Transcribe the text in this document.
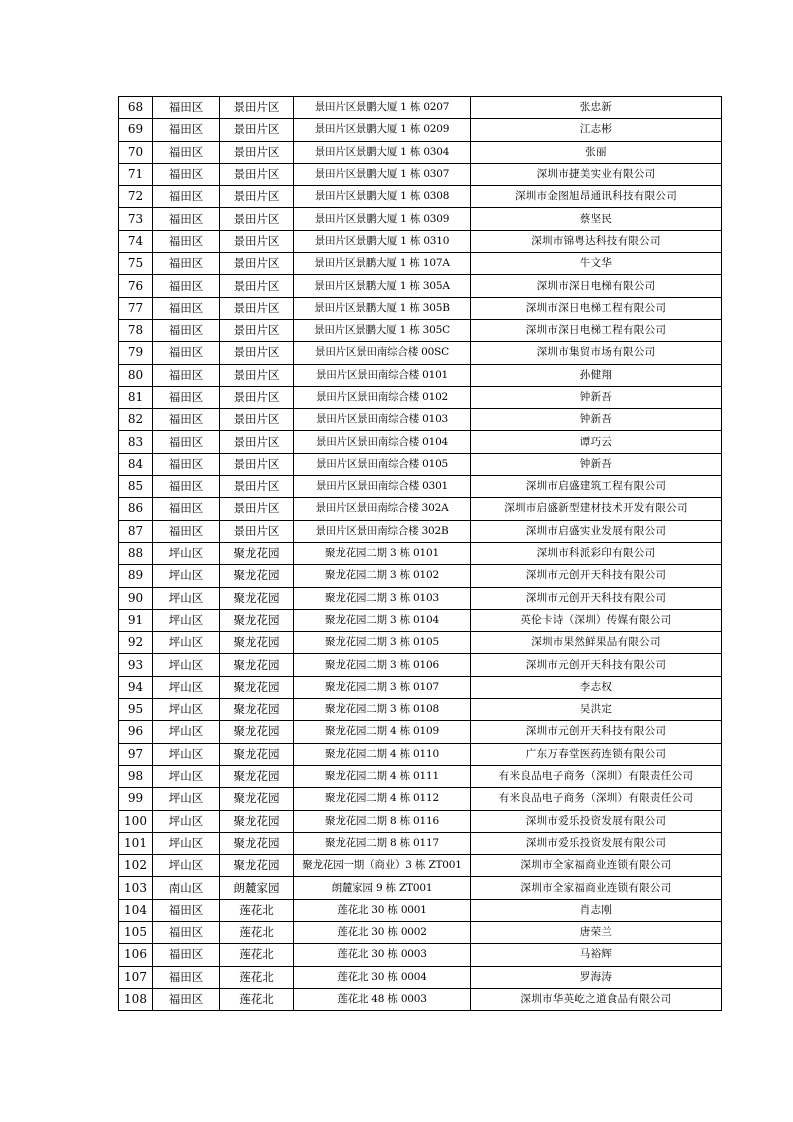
68	福田区	景田片区	景田片区景鹏大厦 1 栋 0207	张忠新
69	福田区	景田片区	景田片区景鹏大厦 1 栋 0209	江志彬
70	福田区	景田片区	景田片区景鹏大厦 1 栋 0304	张丽
71	福田区	景田片区	景田片区景鹏大厦 1 栋 0307	深圳市捷美实业有限公司
72	福田区	景田片区	景田片区景鹏大厦 1 栋 0308	深圳市金图旭昂通讯科技有限公司
73	福田区	景田片区	景田片区景鹏大厦 1 栋 0309	蔡坚民
74	福田区	景田片区	景田片区景鹏大厦 1 栋 0310	深圳市锦粤达科技有限公司
75	福田区	景田片区	景田片区景鹏大厦 1 栋 107A	牛文华
76	福田区	景田片区	景田片区景鹏大厦 1 栋 305A	深圳市深日电梯有限公司
77	福田区	景田片区	景田片区景鹏大厦 1 栋 305B	深圳市深日电梯工程有限公司
78	福田区	景田片区	景田片区景鹏大厦 1 栋 305C	深圳市深日电梯工程有限公司
79	福田区	景田片区	景田片区景田南综合楼 00SC	深圳市集贸市场有限公司
80	福田区	景田片区	景田片区景田南综合楼 0101	孙健翔
81	福田区	景田片区	景田片区景田南综合楼 0102	钟新吾
82	福田区	景田片区	景田片区景田南综合楼 0103	钟新吾
83	福田区	景田片区	景田片区景田南综合楼 0104	谭巧云
84	福田区	景田片区	景田片区景田南综合楼 0105	钟新吾
85	福田区	景田片区	景田片区景田南综合楼 0301	深圳市启盛建筑工程有限公司
86	福田区	景田片区	景田片区景田南综合楼 302A	深圳市启盛新型建材技术开发有限公司
87	福田区	景田片区	景田片区景田南综合楼 302B	深圳市启盛实业发展有限公司
88	坪山区	聚龙花园	聚龙花园二期 3 栋 0101	深圳市科派彩印有限公司
89	坪山区	聚龙花园	聚龙花园二期 3 栋 0102	深圳市元创开天科技有限公司
90	坪山区	聚龙花园	聚龙花园二期 3 栋 0103	深圳市元创开天科技有限公司
91	坪山区	聚龙花园	聚龙花园二期 3 栋 0104	英伦卡诗（深圳）传媒有限公司
92	坪山区	聚龙花园	聚龙花园二期 3 栋 0105	深圳市果然鲜果品有限公司
93	坪山区	聚龙花园	聚龙花园二期 3 栋 0106	深圳市元创开天科技有限公司
94	坪山区	聚龙花园	聚龙花园二期 3 栋 0107	李志权
95	坪山区	聚龙花园	聚龙花园二期 3 栋 0108	吴洪定
96	坪山区	聚龙花园	聚龙花园二期 4 栋 0109	深圳市元创开天科技有限公司
97	坪山区	聚龙花园	聚龙花园二期 4 栋 0110	广东万春堂医药连锁有限公司
98	坪山区	聚龙花园	聚龙花园二期 4 栋 0111	有米良品电子商务（深圳）有限责任公司
99	坪山区	聚龙花园	聚龙花园二期 4 栋 0112	有米良品电子商务（深圳）有限责任公司
100	坪山区	聚龙花园	聚龙花园二期 8 栋 0116	深圳市爱乐投资发展有限公司
101	坪山区	聚龙花园	聚龙花园二期 8 栋 0117	深圳市爱乐投资发展有限公司
102	坪山区	聚龙花园	聚龙花园一期（商业）3 栋 ZT001	深圳市全家福商业连锁有限公司
103	南山区	朗麓家园	朗麓家园 9 栋 ZT001	深圳市全家福商业连锁有限公司
104	福田区	莲花北	莲花北 30 栋 0001	肖志刚
105	福田区	莲花北	莲花北 30 栋 0002	唐荣兰
106	福田区	莲花北	莲花北 30 栋 0003	马裕辉
107	福田区	莲花北	莲花北 30 栋 0004	罗海涛
108	福田区	莲花北	莲花北 48 栋 0003	深圳市华英屹之道食品有限公司
